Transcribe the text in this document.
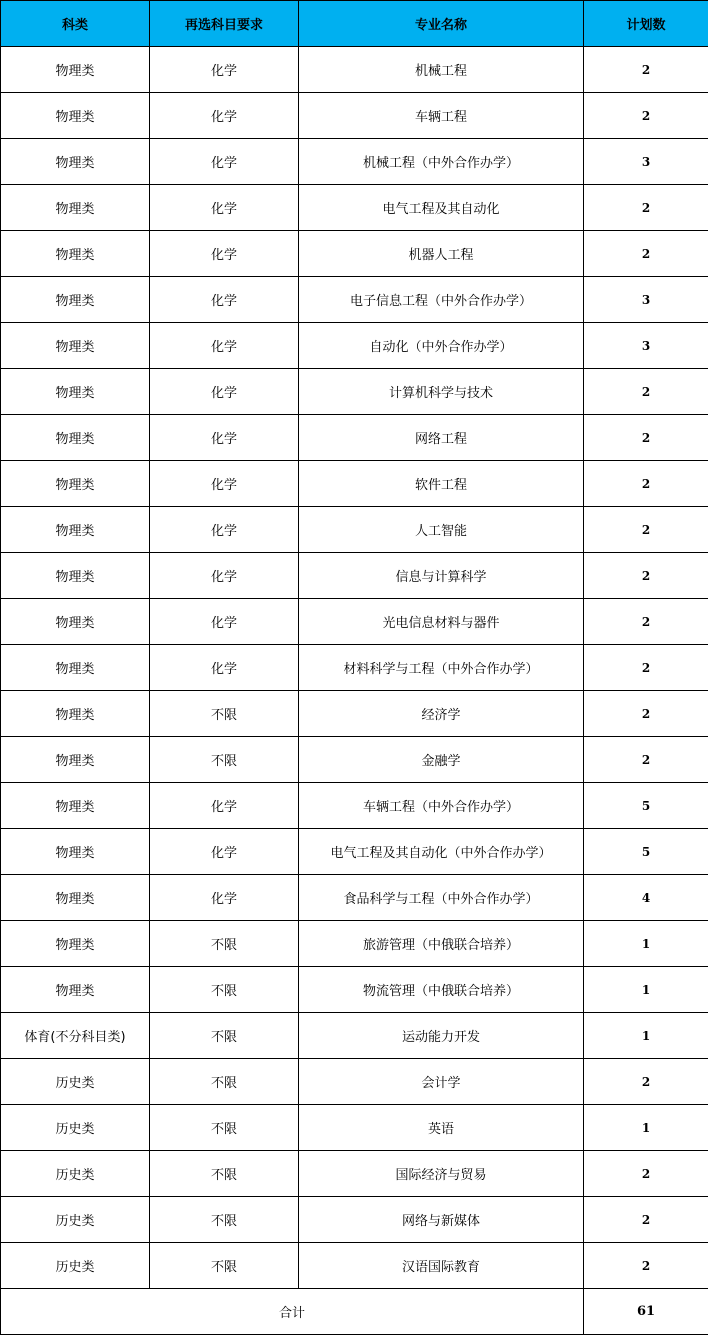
科类	再选科目要求	专业名称	计划数
物理类	化学	机械工程	2
物理类	化学	车辆工程	2
物理类	化学	机械工程（中外合作办学）	3
物理类	化学	电气工程及其自动化	2
物理类	化学	机器人工程	2
物理类	化学	电子信息工程（中外合作办学）	3
物理类	化学	自动化（中外合作办学）	3
物理类	化学	计算机科学与技术	2
物理类	化学	网络工程	2
物理类	化学	软件工程	2
物理类	化学	人工智能	2
物理类	化学	信息与计算科学	2
物理类	化学	光电信息材料与器件	2
物理类	化学	材料科学与工程（中外合作办学）	2
物理类	不限	经济学	2
物理类	不限	金融学	2
物理类	化学	车辆工程（中外合作办学）	5
物理类	化学	电气工程及其自动化（中外合作办学）	5
物理类	化学	食品科学与工程（中外合作办学）	4
物理类	不限	旅游管理（中俄联合培养）	1
物理类	不限	物流管理（中俄联合培养）	1
体育(不分科目类)	不限	运动能力开发	1
历史类	不限	会计学	2
历史类	不限	英语	1
历史类	不限	国际经济与贸易	2
历史类	不限	网络与新媒体	2
历史类	不限	汉语国际教育	2
合计			61
